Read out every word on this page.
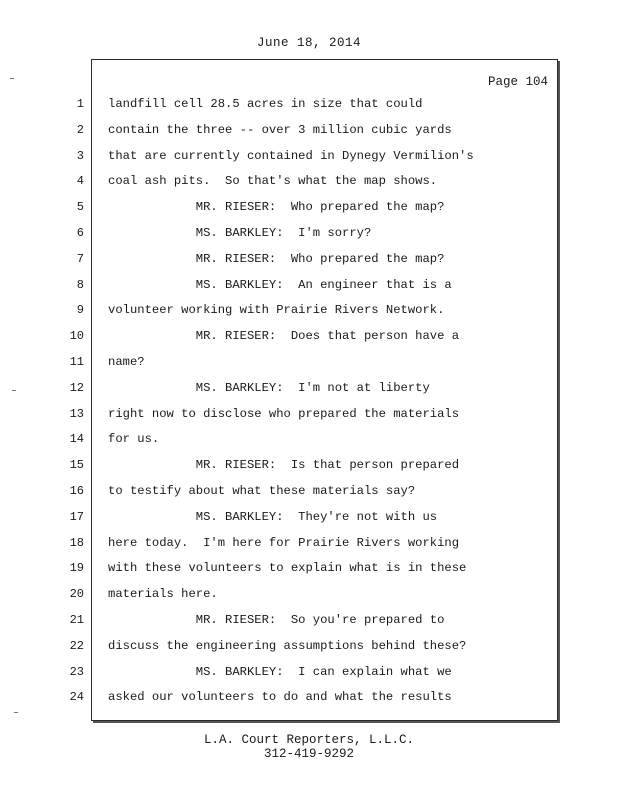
June 18, 2014
Page 104
1
2
3
4
5
6
7
8
9
10
11
12
13
14
15
16
17
18
19
20
21
22
23
24
landfill cell 28.5 acres in size that could
contain the three -- over 3 million cubic yards
that are currently contained in Dynegy Vermilion's
coal ash pits.  So that's what the map shows.
MR. RIESER:  Who prepared the map?
MS. BARKLEY:  I'm sorry?
MR. RIESER:  Who prepared the map?
MS. BARKLEY:  An engineer that is a
volunteer working with Prairie Rivers Network.
MR. RIESER:  Does that person have a
name?
MS. BARKLEY:  I'm not at liberty
right now to disclose who prepared the materials
for us.
MR. RIESER:  Is that person prepared
to testify about what these materials say?
MS. BARKLEY:  They're not with us
here today.  I'm here for Prairie Rivers working
with these volunteers to explain what is in these
materials here.
MR. RIESER:  So you're prepared to
discuss the engineering assumptions behind these?
MS. BARKLEY:  I can explain what we
asked our volunteers to do and what the results
L.A. Court Reporters, L.L.C.
312-419-9292
